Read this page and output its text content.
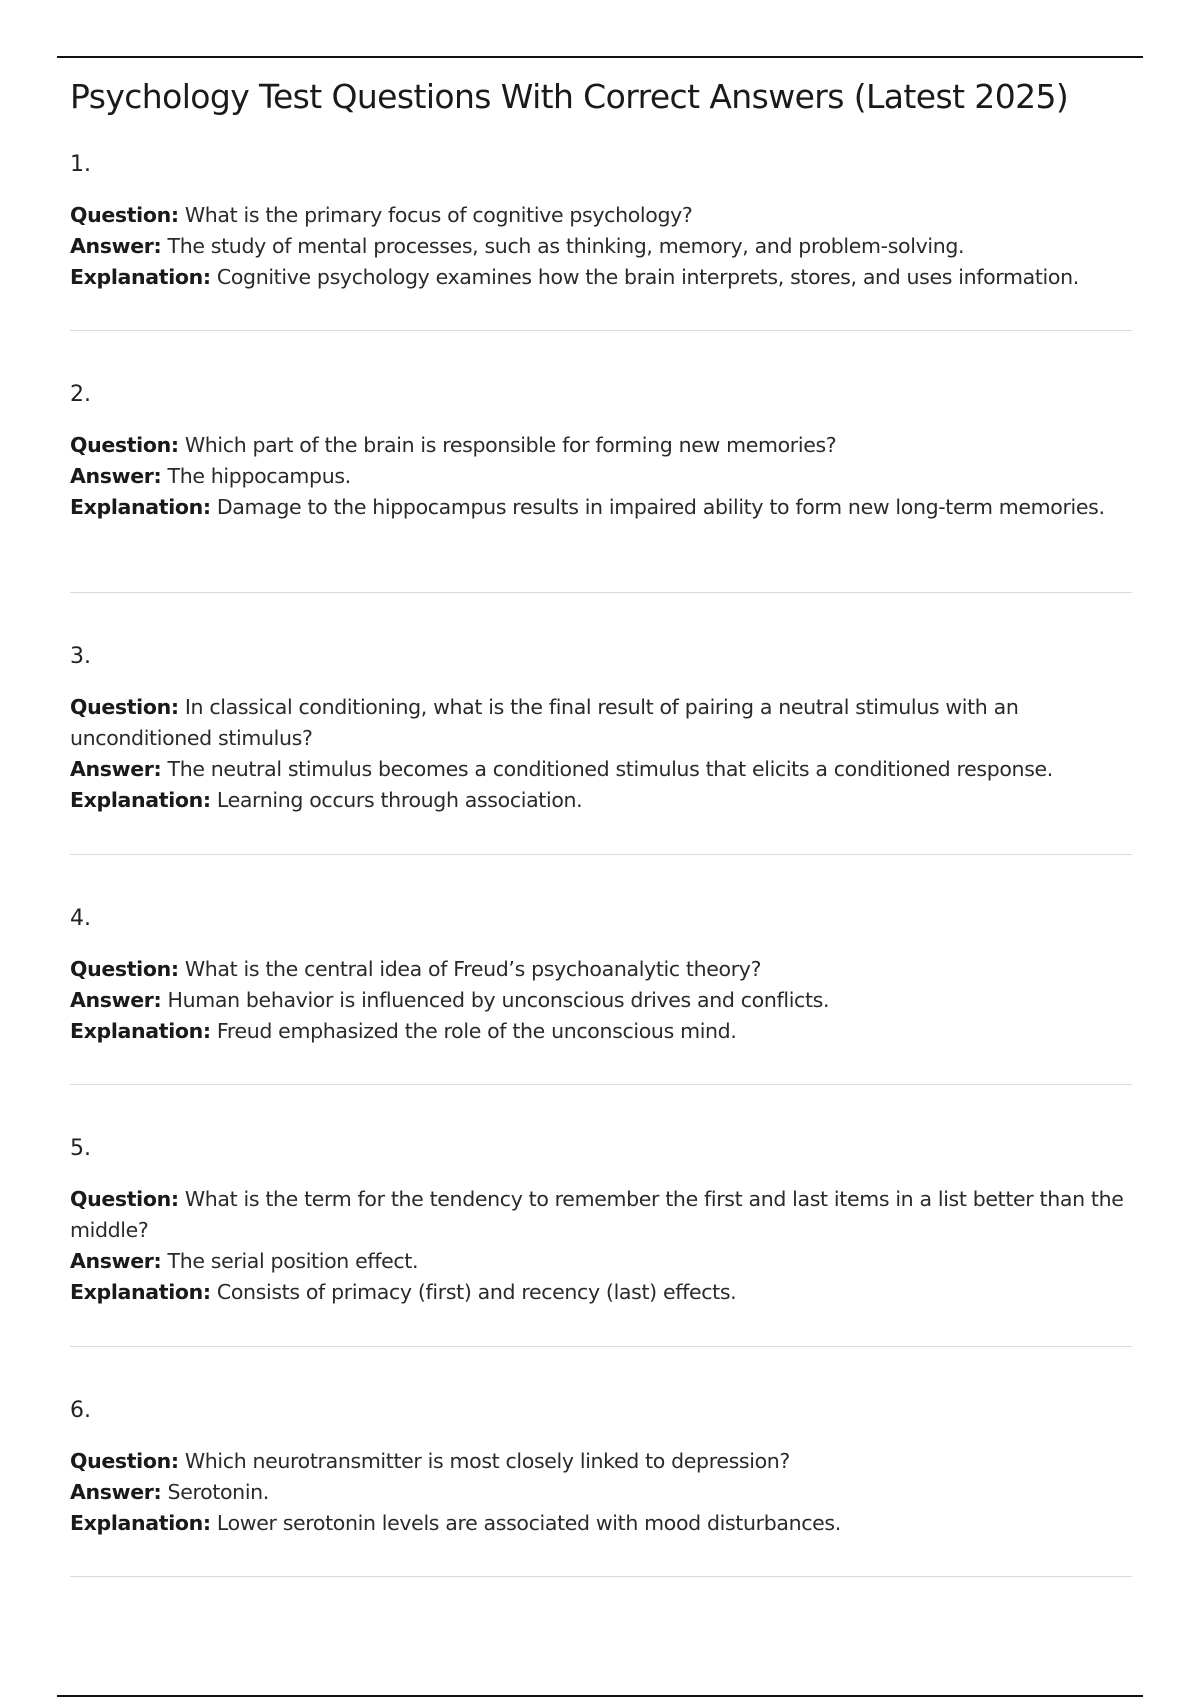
Psychology Test Questions With Correct Answers (Latest 2025)
1.

Question: What is the primary focus of cognitive psychology?

Answer: The study of mental processes, such as thinking, memory, and problem-solving.

Explanation: Cognitive psychology examines how the brain interprets, stores, and uses information.

2.

Question: Which part of the brain is responsible for forming new memories?

Answer: The hippocampus.

Explanation: Damage to the hippocampus results in impaired ability to form new long-term memories.

3.

Question: In classical conditioning, what is the final result of pairing a neutral stimulus with an unconditioned stimulus?

Answer: The neutral stimulus becomes a conditioned stimulus that elicits a conditioned response.

Explanation: Learning occurs through association.

4.

Question: What is the central idea of Freud’s psychoanalytic theory?

Answer: Human behavior is influenced by unconscious drives and conflicts.

Explanation: Freud emphasized the role of the unconscious mind.

5.

Question: What is the term for the tendency to remember the first and last items in a list better than the middle?

Answer: The serial position effect.

Explanation: Consists of primacy (first) and recency (last) effects.

6.

Question: Which neurotransmitter is most closely linked to depression?

Answer: Serotonin.

Explanation: Lower serotonin levels are associated with mood disturbances.
